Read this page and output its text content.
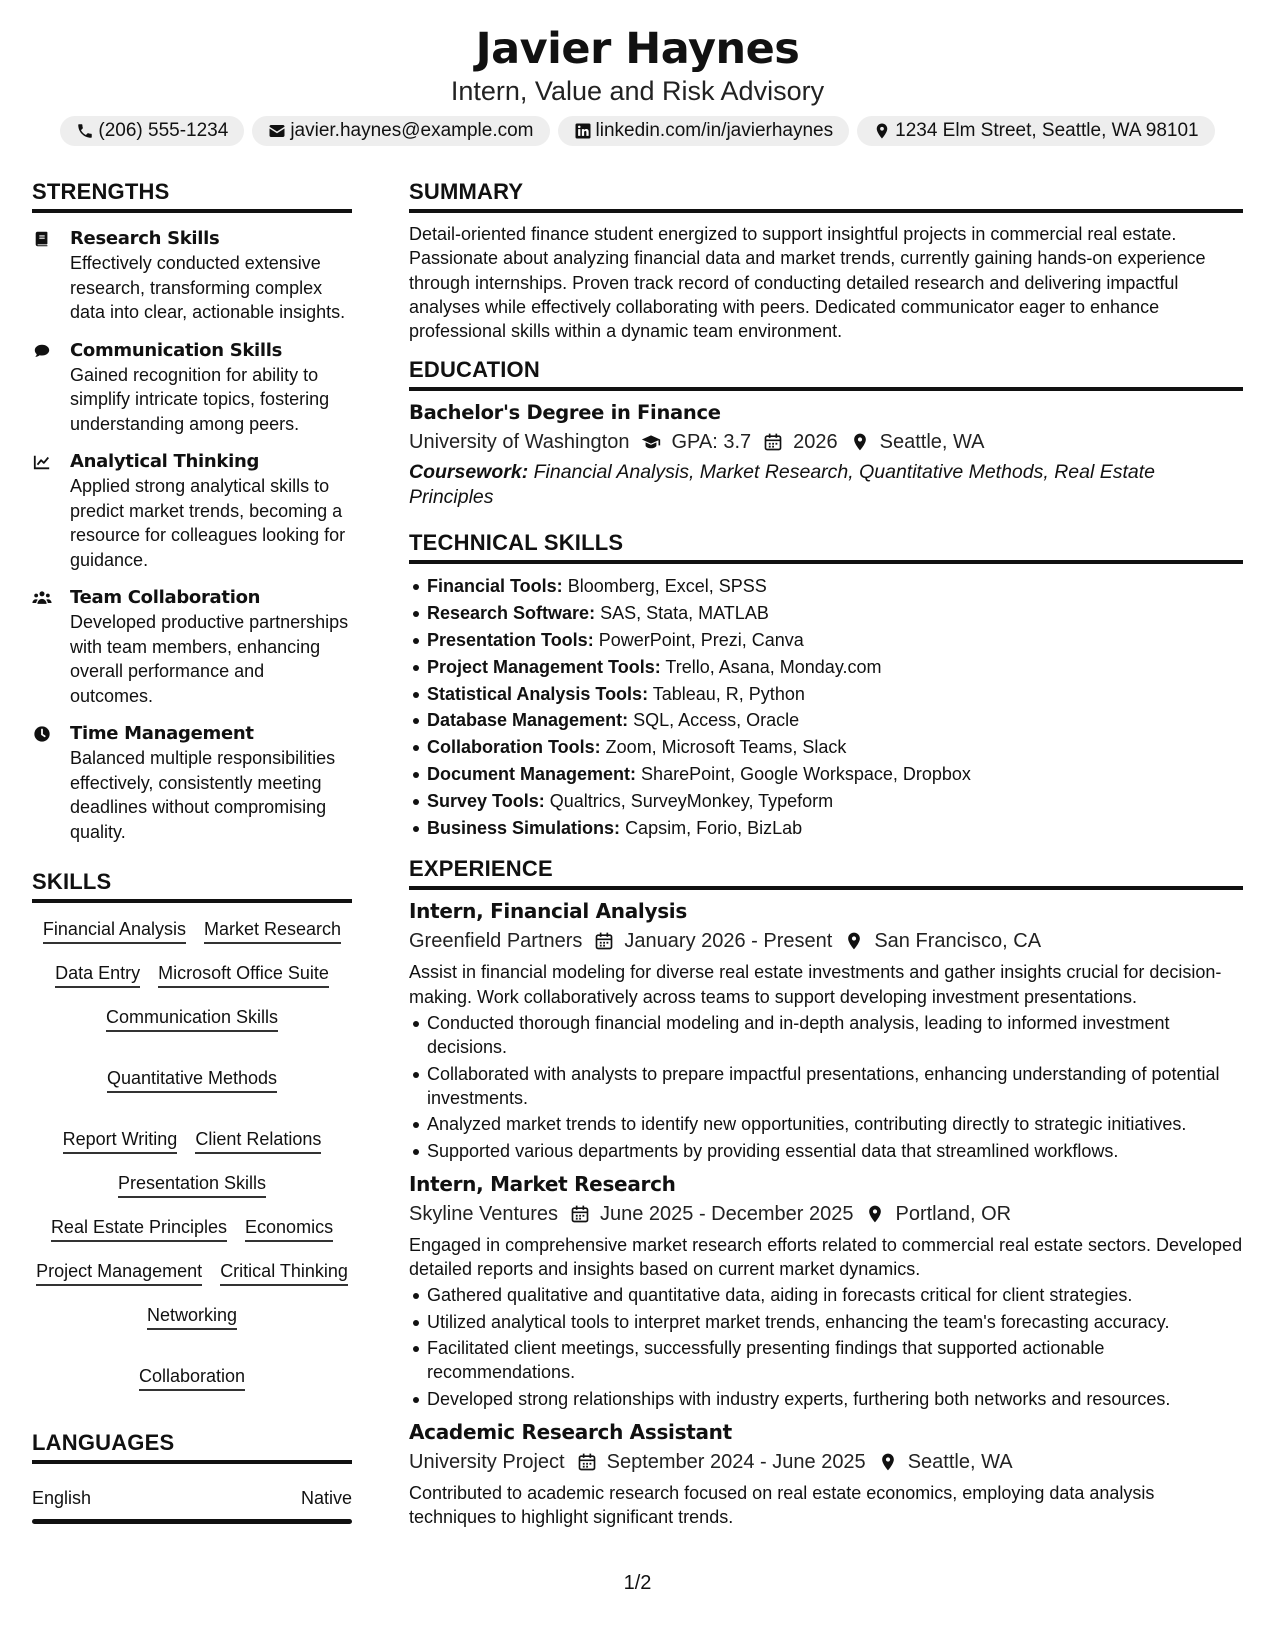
Javier Haynes
Intern, Value and Risk Advisory
(206) 555-1234	javier.haynes@example.com	linkedin.com/in/javierhaynes	1234 Elm Street, Seattle, WA 98101
STRENGTHS
Research Skills
Effectively conducted extensive research, transforming complex data into clear, actionable insights.
Communication Skills
Gained recognition for ability to simplify intricate topics, fostering understanding among peers.
Analytical Thinking
Applied strong analytical skills to predict market trends, becoming a resource for colleagues looking for guidance.
Team Collaboration
Developed productive partnerships with team members, enhancing overall performance and outcomes.
Time Management
Balanced multiple responsibilities effectively, consistently meeting deadlines without compromising quality.
SKILLS
Financial Analysis Market Research
Data Entry Microsoft Office Suite
Communication Skills
Quantitative Methods
Report Writing Client Relations
Presentation Skills
Real Estate Principles Economics
Project Management Critical Thinking
Networking
Collaboration
LANGUAGES
English	Native
SUMMARY
Detail-oriented finance student energized to support insightful projects in commercial real estate. Passionate about analyzing financial data and market trends, currently gaining hands-on experience through internships. Proven track record of conducting detailed research and delivering impactful analyses while effectively collaborating with peers. Dedicated communicator eager to enhance professional skills within a dynamic team environment.
EDUCATION
Bachelor's Degree in Finance
University of Washington GPA: 3.7 2026 Seattle, WA
Coursework: Financial Analysis, Market Research, Quantitative Methods, Real Estate Principles
TECHNICAL SKILLS
Financial Tools: Bloomberg, Excel, SPSS
Research Software: SAS, Stata, MATLAB
Presentation Tools: PowerPoint, Prezi, Canva
Project Management Tools: Trello, Asana, Monday.com
Statistical Analysis Tools: Tableau, R, Python
Database Management: SQL, Access, Oracle
Collaboration Tools: Zoom, Microsoft Teams, Slack
Document Management: SharePoint, Google Workspace, Dropbox
Survey Tools: Qualtrics, SurveyMonkey, Typeform
Business Simulations: Capsim, Forio, BizLab
EXPERIENCE
Intern, Financial Analysis
Greenfield Partners January 2026 - Present San Francisco, CA
Assist in financial modeling for diverse real estate investments and gather insights crucial for decision-making. Work collaboratively across teams to support developing investment presentations.
Conducted thorough financial modeling and in-depth analysis, leading to informed investment decisions.
Collaborated with analysts to prepare impactful presentations, enhancing understanding of potential investments.
Analyzed market trends to identify new opportunities, contributing directly to strategic initiatives.
Supported various departments by providing essential data that streamlined workflows.
Intern, Market Research
Skyline Ventures June 2025 - December 2025 Portland, OR
Engaged in comprehensive market research efforts related to commercial real estate sectors. Developed detailed reports and insights based on current market dynamics.
Gathered qualitative and quantitative data, aiding in forecasts critical for client strategies.
Utilized analytical tools to interpret market trends, enhancing the team's forecasting accuracy.
Facilitated client meetings, successfully presenting findings that supported actionable recommendations.
Developed strong relationships with industry experts, furthering both networks and resources.
Academic Research Assistant
University Project September 2024 - June 2025 Seattle, WA
Contributed to academic research focused on real estate economics, employing data analysis techniques to highlight significant trends.
1/2
